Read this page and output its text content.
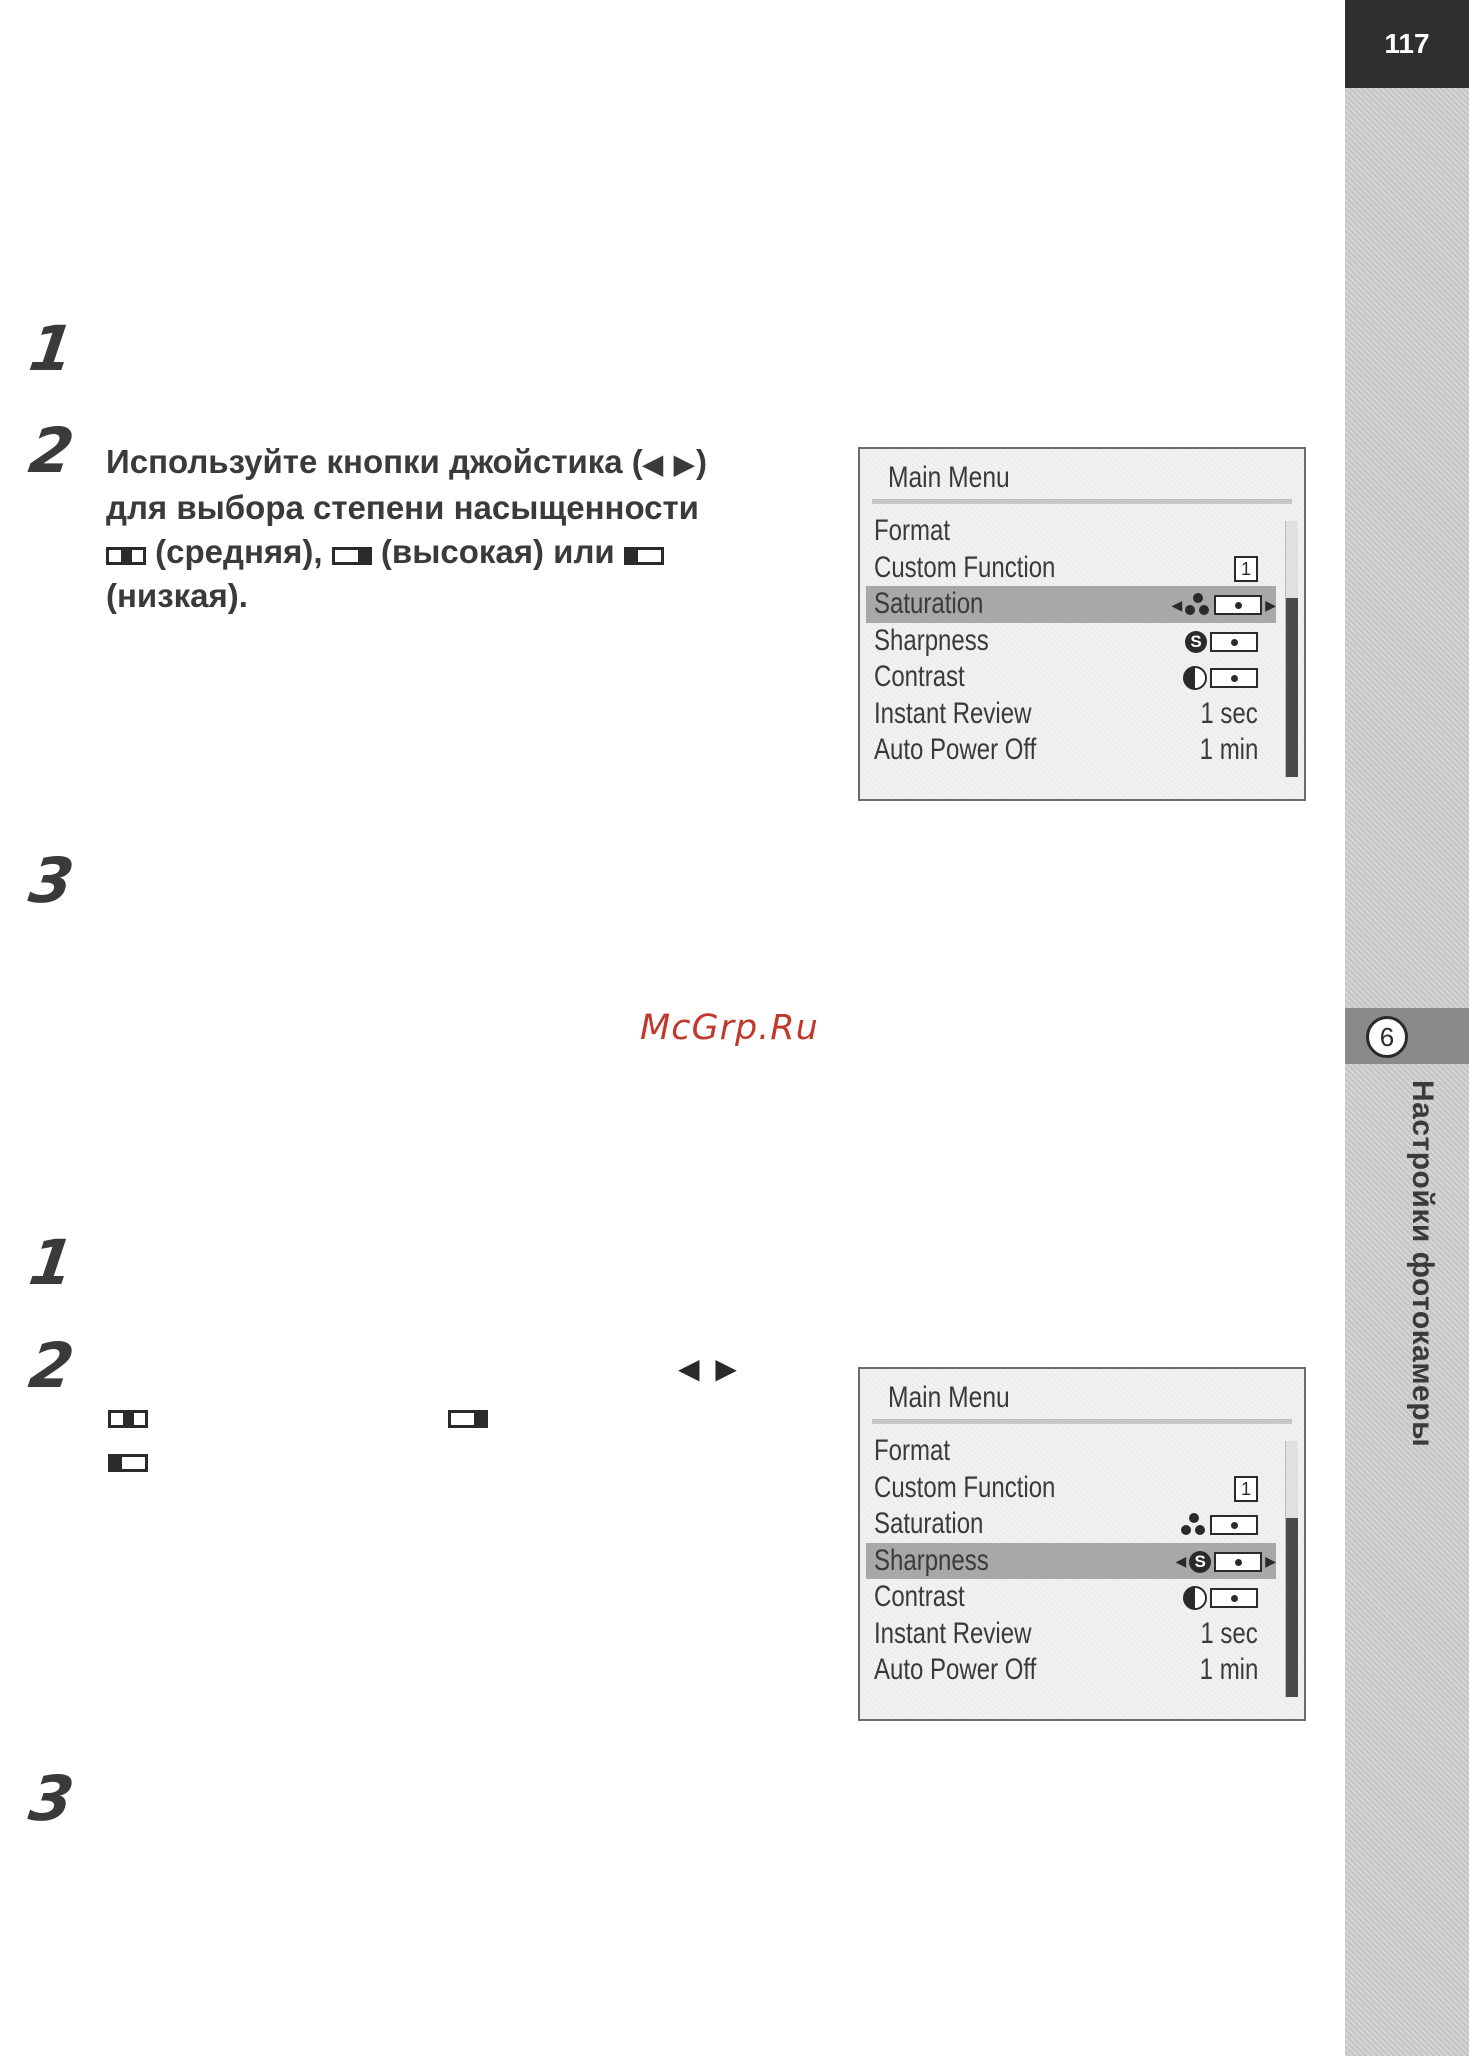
117
6
Настройки фотокамеры
1
2
3
Используйте кнопки джойстика (◀ ▶)
для выбора степени насыщенности
(средняя),
(высокая) или
(низкая).
Main Menu
Format
Custom Function	1
Saturation	◀	▶
Sharpness	S
Contrast
Instant Review	1 sec
Auto Power Off	1 min
McGrp.Ru
1
2
3
◀ ▶
Main Menu
Format
Custom Function	1
Saturation
Sharpness	◀ S	▶
Contrast
Instant Review	1 sec
Auto Power Off	1 min
